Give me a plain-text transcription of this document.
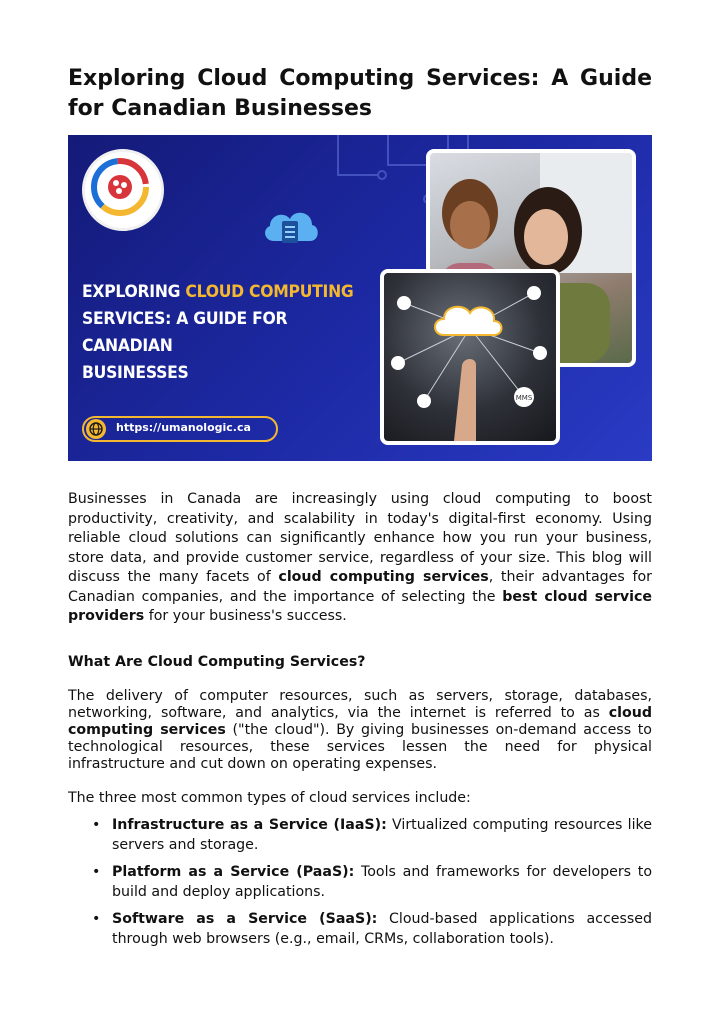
Exploring Cloud Computing Services: A Guide for Canadian Businesses
EXPLORING CLOUD COMPUTING
SERVICES: A GUIDE FOR CANADIAN
BUSINESSES
https://umanologic.ca
MMS

Businesses in Canada are increasingly using cloud computing to boost productivity, creativity, and scalability in today's digital-first economy. Using reliable cloud solutions can significantly enhance how you run your business, store data, and provide customer service, regardless of your size. This blog will discuss the many facets of cloud computing services, their advantages for Canadian companies, and the importance of selecting the best cloud service providers for your business's success.

What Are Cloud Computing Services?

The delivery of computer resources, such as servers, storage, databases, networking, software, and analytics, via the internet is referred to as cloud computing services ("the cloud"). By giving businesses on-demand access to technological resources, these services lessen the need for physical infrastructure and cut down on operating expenses.

The three most common types of cloud services include:

• Infrastructure as a Service (IaaS): Virtualized computing resources like servers and storage.
• Platform as a Service (PaaS): Tools and frameworks for developers to build and deploy applications.
• Software as a Service (SaaS): Cloud-based applications accessed through web browsers (e.g., email, CRMs, collaboration tools).
